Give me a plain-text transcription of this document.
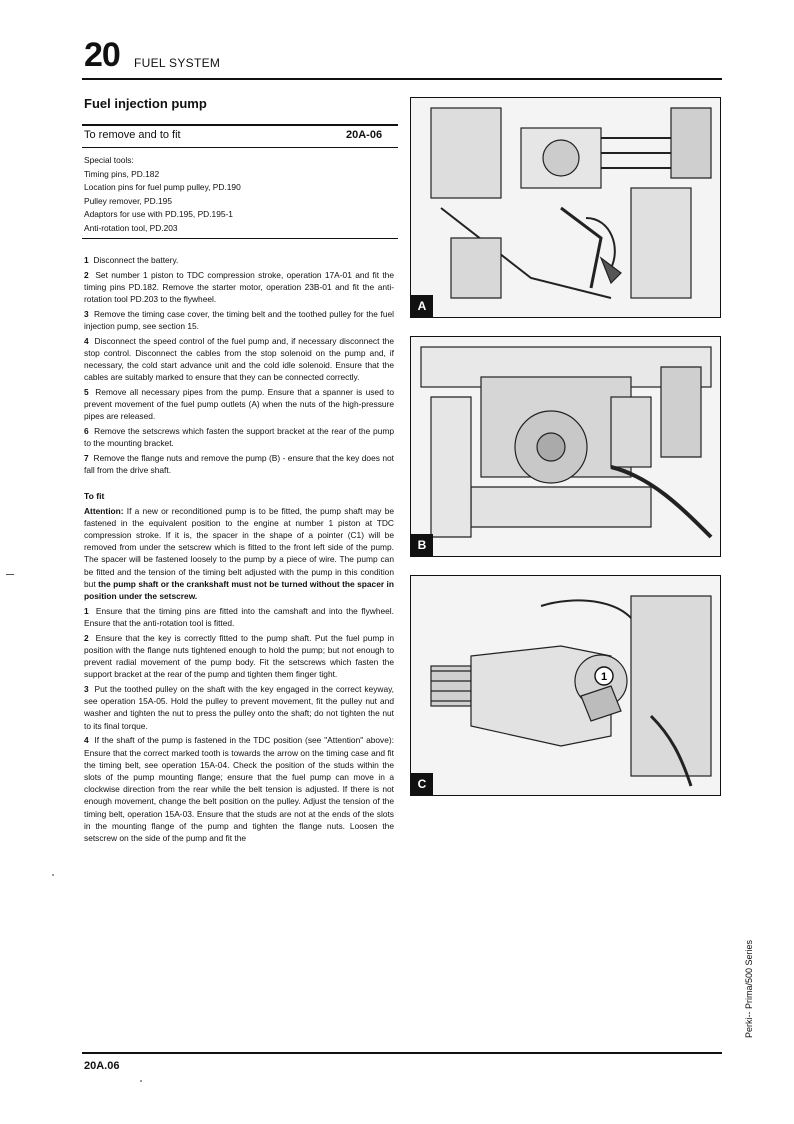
20 FUEL SYSTEM
Fuel injection pump
To remove and to fit	20A-06
Special tools:
Timing pins, PD.182
Location pins for fuel pump pulley, PD.190
Pulley remover, PD.195
Adaptors for use with PD.195, PD.195-1
Anti-rotation tool, PD.203

1 Disconnect the battery.

2 Set number 1 piston to TDC compression stroke, operation 17A-01 and fit the timing pins PD.182. Remove the starter motor, operation 23B-01 and fit the anti-rotation tool PD.203 to the flywheel.

3 Remove the timing case cover, the timing belt and the toothed pulley for the fuel injection pump, see section 15.

4 Disconnect the speed control of the fuel pump and, if necessary disconnect the stop control. Disconnect the cables from the stop solenoid on the pump and, if necessary, the cold start advance unit and the cold idle solenoid. Ensure that the cables are suitably marked to ensure that they can be connected correctly.

5 Remove all necessary pipes from the pump. Ensure that a spanner is used to prevent movement of the fuel pump outlets (A) when the nuts of the high-pressure pipes are released.

6 Remove the setscrews which fasten the support bracket at the rear of the pump to the mounting bracket.

7 Remove the flange nuts and remove the pump (B) - ensure that the key does not fall from the drive shaft.

To fit

Attention: If a new or reconditioned pump is to be fitted, the pump shaft may be fastened in the equivalent position to the engine at number 1 piston at TDC compression stroke. If it is, the spacer in the shape of a pointer (C1) will be removed from under the setscrew which is fitted to the front left side of the pump. The spacer will be fastened loosely to the pump by a piece of wire. The pump can be fitted and the tension of the timing belt adjusted with the pump in this condition but the pump shaft or the crankshaft must not be turned without the spacer in position under the setscrew.

1 Ensure that the timing pins are fitted into the camshaft and into the flywheel. Ensure that the anti-rotation tool is fitted.

2 Ensure that the key is correctly fitted to the pump shaft. Put the fuel pump in position with the flange nuts tightened enough to hold the pump; but not enough to prevent radial movement of the pump body. Fit the setscrews which fasten the support bracket at the rear of the pump and tighten them finger tight.

3 Put the toothed pulley on the shaft with the key engaged in the correct keyway, see operation 15A-05. Hold the pulley to prevent movement, fit the pulley nut and washer and tighten the nut to press the pulley onto the shaft; do not tighten the nut to its final torque.

4 If the shaft of the pump is fastened in the TDC position (see "Attention" above): Ensure that the correct marked tooth is towards the arrow on the timing case and fit the timing belt, see operation 15A-04. Check the position of the studs within the slots of the pump mounting flange; ensure that the fuel pump can move in a clockwise direction from the rear while the belt tension is adjusted. If there is not enough movement, change the belt position on the pulley. Adjust the tension of the timing belt, operation 15A-03. Ensure that the studs are not at the ends of the slots in the mounting flange of the pump and tighten the flange nuts. Loosen the setscrew on the side of the pump and fit the

A
B
1
C
20A.06
Perki-- Prima/500 Series
